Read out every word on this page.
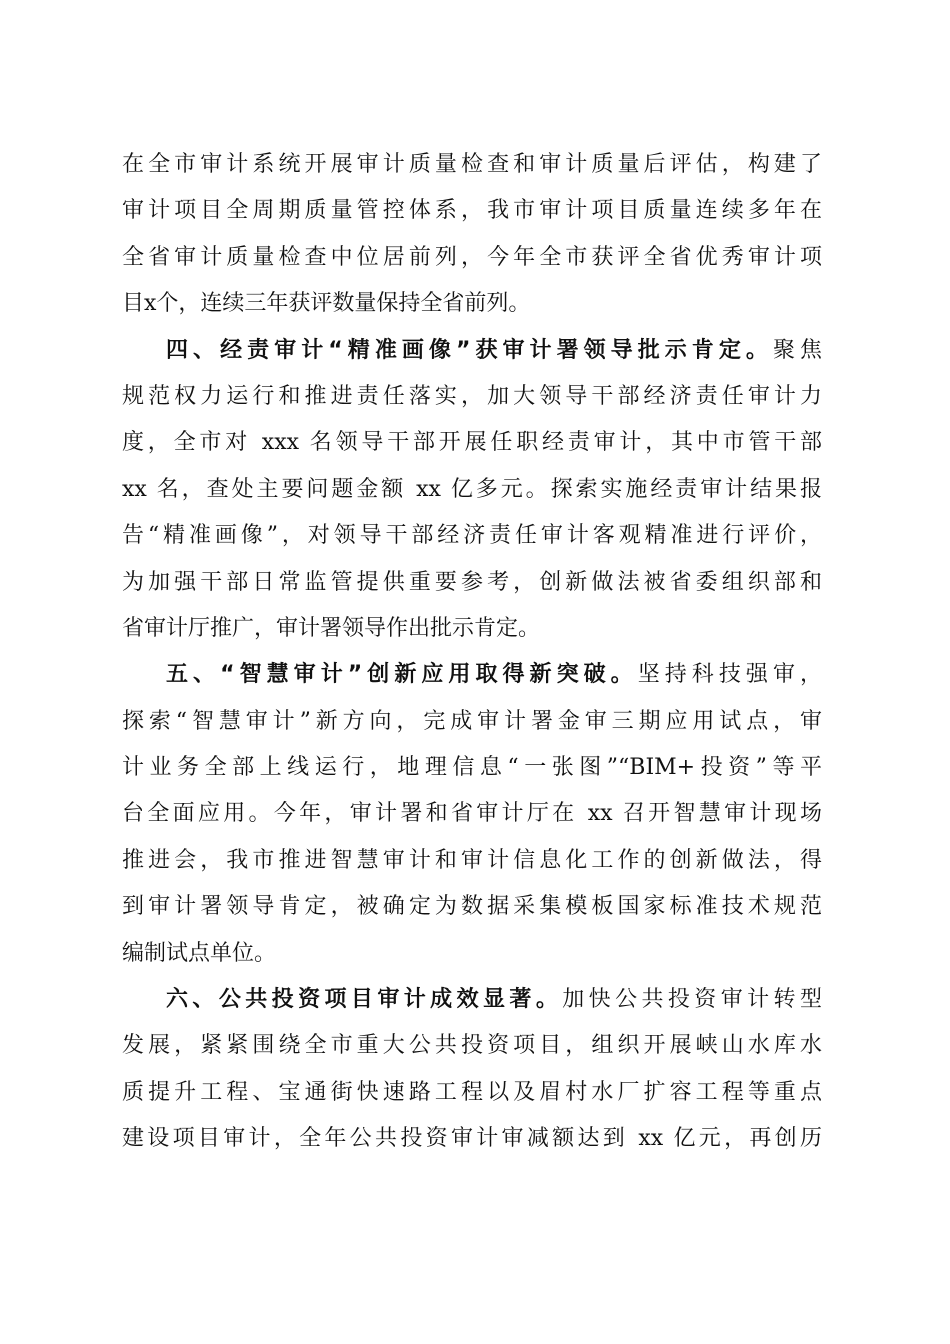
在全市审计系统开展审计质量检查和审计质量后评估，构建了
审计项目全周期质量管控体系，我市审计项目质量连续多年在
全省审计质量检查中位居前列，今年全市获评全省优秀审计项
目x个，连续三年获评数量保持全省前列。
四、经责审计“精准画像”获审计署领导批示肯定。聚焦
规范权力运行和推进责任落实，加大领导干部经济责任审计力
度，全市对 xxx 名领导干部开展任职经责审计，其中市管干部
xx 名，查处主要问题金额 xx 亿多元。探索实施经责审计结果报
告“精准画像”，对领导干部经济责任审计客观精准进行评价，
为加强干部日常监管提供重要参考，创新做法被省委组织部和
省审计厅推广，审计署领导作出批示肯定。
五、“智慧审计”创新应用取得新突破。坚持科技强审，
探索“智慧审计”新方向，完成审计署金审三期应用试点，审
计业务全部上线运行，地理信息“一张图”“BIM+投资”等平
台全面应用。今年，审计署和省审计厅在 xx 召开智慧审计现场
推进会，我市推进智慧审计和审计信息化工作的创新做法，得
到审计署领导肯定，被确定为数据采集模板国家标准技术规范
编制试点单位。
六、公共投资项目审计成效显著。加快公共投资审计转型
发展，紧紧围绕全市重大公共投资项目，组织开展峡山水库水
质提升工程、宝通街快速路工程以及眉村水厂扩容工程等重点
建设项目审计，全年公共投资审计审减额达到 xx 亿元，再创历
